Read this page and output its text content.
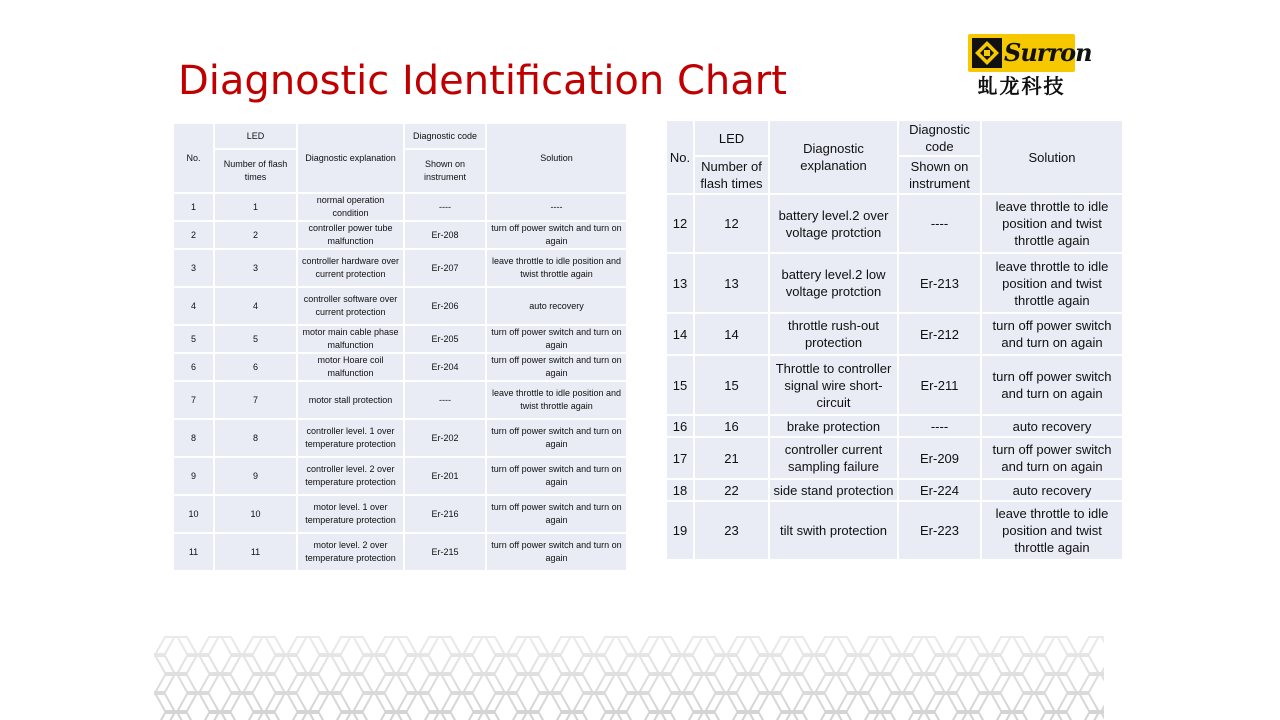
Diagnostic Identification Chart
Surron
虬龙科技
No.	LED	Diagnostic explanation	Diagnostic code	Solution
	Number of flash times		Shown on instrument	
1	1	normal operation condition	----	----
2	2	controller power tube malfunction	Er-208	turn off power switch and turn on again
3	3	controller hardware over current protection	Er-207	leave throttle to idle position and twist throttle again
4	4	controller software over current protection	Er-206	auto recovery
5	5	motor main cable phase malfunction	Er-205	turn off power switch and turn on again
6	6	motor Hoare coil malfunction	Er-204	turn off power switch and turn on again
7	7	motor stall protection	----	leave throttle to idle position and twist throttle again
8	8	controller level. 1 over temperature protection	Er-202	turn off power switch and turn on again
9	9	controller level. 2 over temperature protection	Er-201	turn off power switch and turn on again
10	10	motor level. 1 over temperature protection	Er-216	turn off power switch and turn on again
11	11	motor level. 2 over temperature protection	Er-215	turn off power switch and turn on again
No.	LED	Diagnostic explanation	Diagnostic code	Solution
	Number of flash times		Shown on instrument	
12	12	battery level.2 over voltage protction	----	leave throttle to idle position and twist throttle again
13	13	battery level.2 low voltage protction	Er-213	leave throttle to idle position and twist throttle again
14	14	throttle rush-out protection	Er-212	turn off power switch and turn on again
15	15	Throttle to controller signal wire short-circuit	Er-211	turn off power switch and turn on again
16	16	brake protection	----	auto recovery
17	21	controller current sampling failure	Er-209	turn off power switch and turn on again
18	22	side stand protection	Er-224	auto recovery
19	23	tilt swith protection	Er-223	leave throttle to idle position and twist throttle again
